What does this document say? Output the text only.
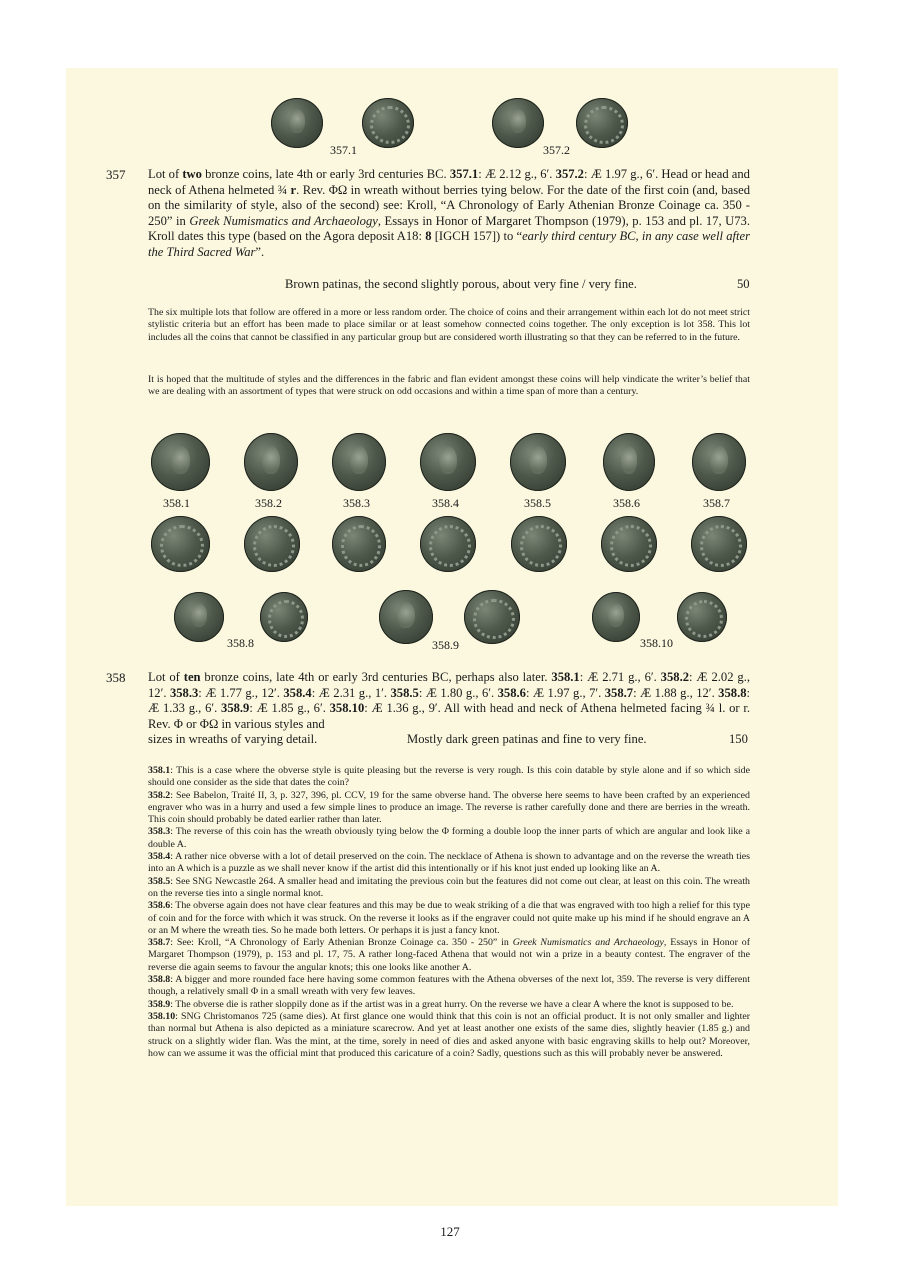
357.1	357.2
357 Lot of two bronze coins, late 4th or early 3rd centuries BC. 357.1: Æ 2.12 g., 6′. 357.2: Æ 1.97 g., 6′. Head or head and neck of Athena helmeted ¾ r. Rev. ΦΩ in wreath without berries tying below. For the date of the first coin (and, based on the similarity of style, also of the second) see: Kroll, “A Chronology of Early Athenian Bronze Coinage ca. 350 - 250” in Greek Numismatics and Archaeology, Essays in Honor of Margaret Thompson (1979), p. 153 and pl. 17, U73. Kroll dates this type (based on the Agora deposit A18: 8 [IGCH 157]) to “early third century BC, in any case well after the Third Sacred War”.
Brown patinas, the second slightly porous, about very fine / very fine.	50
The six multiple lots that follow are offered in a more or less random order. The choice of coins and their arrangement within each lot do not meet strict stylistic criteria but an effort has been made to place similar or at least somehow connected coins together. The only exception is lot 358. This lot includes all the coins that cannot be classified in any particular group but are considered worth illustrating so that they can be referred to in the future.
It is hoped that the multitude of styles and the differences in the fabric and flan evident amongst these coins will help vindicate the writer’s belief that we are dealing with an assortment of types that were struck on odd occasions and within a time span of more than a century.
358.1	358.2	358.3	358.4	358.5	358.6	358.7
358.8	358.9	358.10
358 Lot of ten bronze coins, late 4th or early 3rd centuries BC, perhaps also later. 358.1: Æ 2.71 g., 6′. 358.2: Æ 2.02 g., 12′. 358.3: Æ 1.77 g., 12′. 358.4: Æ 2.31 g., 1′. 358.5: Æ 1.80 g., 6′. 358.6: Æ 1.97 g., 7′. 358.7: Æ 1.88 g., 12′. 358.8: Æ 1.33 g., 6′. 358.9: Æ 1.85 g., 6′. 358.10: Æ 1.36 g., 9′. All with head and neck of Athena helmeted facing ¾ l. or r. Rev. Φ or ΦΩ in various styles and
sizes in wreaths of varying detail.	Mostly dark green patinas and fine to very fine.	150

358.1: This is a case where the obverse style is quite pleasing but the reverse is very rough. Is this coin datable by style alone and if so which side should one consider as the side that dates the coin?

358.2: See Babelon, Traité II, 3, p. 327, 396, pl. CCV, 19 for the same obverse hand. The obverse here seems to have been crafted by an experienced engraver who was in a hurry and used a few simple lines to produce an image. The reverse is rather carefully done and there are berries in the wreath. This coin should probably be dated earlier rather than later.

358.3: The reverse of this coin has the wreath obviously tying below the Φ forming a double loop the inner parts of which are angular and look like a double A.

358.4: A rather nice obverse with a lot of detail preserved on the coin. The necklace of Athena is shown to advantage and on the reverse the wreath ties into an A which is a puzzle as we shall never know if the artist did this intentionally or if his knot just ended up looking like an A.

358.5: See SNG Newcastle 264. A smaller head and imitating the previous coin but the features did not come out clear, at least on this coin. The wreath on the reverse ties into a single normal knot.

358.6: The obverse again does not have clear features and this may be due to weak striking of a die that was engraved with too high a relief for this type of coin and for the force with which it was struck. On the reverse it looks as if the engraver could not quite make up his mind if he should engrave an A or an M where the wreath ties. So he made both letters. Or perhaps it is just a fancy knot.

358.7: See: Kroll, “A Chronology of Early Athenian Bronze Coinage ca. 350 - 250” in Greek Numismatics and Archaeology, Essays in Honor of Margaret Thompson (1979), p. 153 and pl. 17, 75. A rather long-faced Athena that would not win a prize in a beauty contest. The engraver of the reverse die again seems to favour the angular knots; this one looks like another A.

358.8: A bigger and more rounded face here having some common features with the Athena obverses of the next lot, 359. The reverse is very different though, a relatively small Φ in a small wreath with very few leaves.

358.9: The obverse die is rather sloppily done as if the artist was in a great hurry. On the reverse we have a clear A where the knot is supposed to be.

358.10: SNG Christomanos 725 (same dies). At first glance one would think that this coin is not an official product. It is not only smaller and lighter than normal but Athena is also depicted as a miniature scarecrow. And yet at least another one exists of the same dies, slightly heavier (1.85 g.) and struck on a slightly wider flan. Was the mint, at the time, sorely in need of dies and asked anyone with basic engraving skills to help out? Moreover, how can we assume it was the official mint that produced this caricature of a coin? Sadly, questions such as this will probably never be answered.

127
